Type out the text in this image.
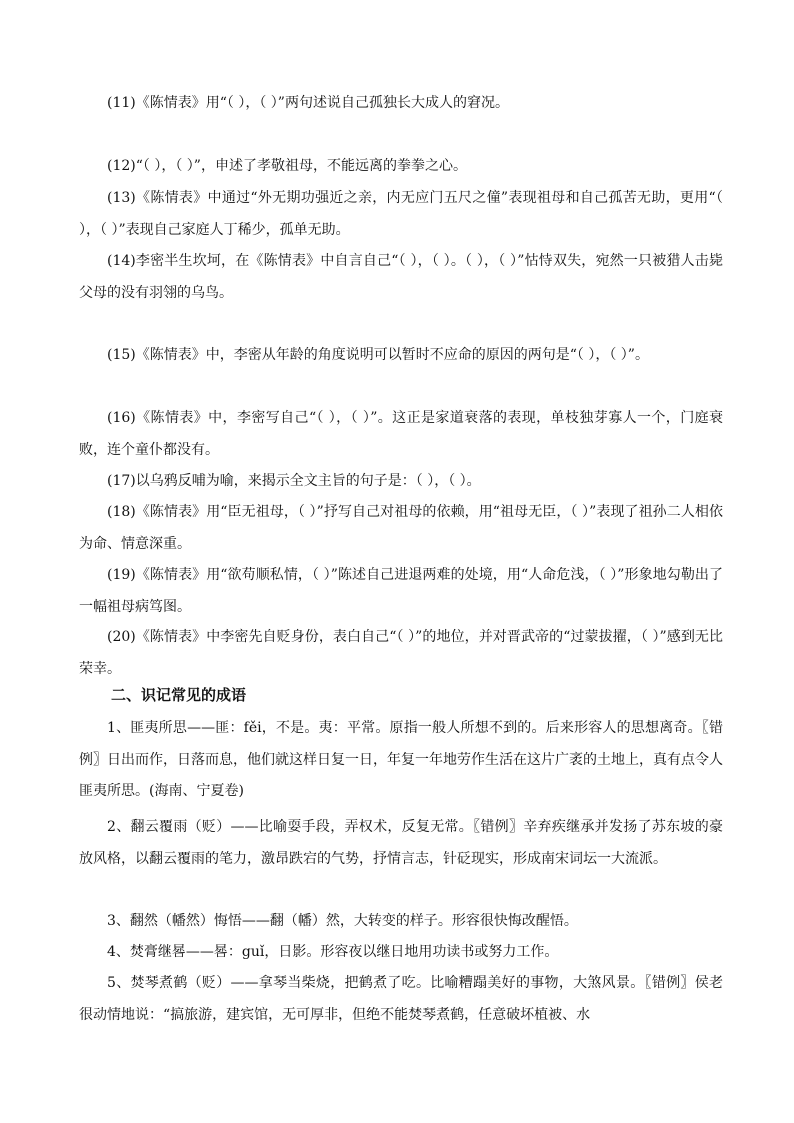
(11)《陈情表》用“（ ），（ ）”两句述说自己孤独长大成人的窘况。

(12)“（ ），（ ）”，申述了孝敬祖母，不能远离的拳拳之心。

(13)《陈情表》中通过“外无期功强近之亲，内无应门五尺之僮”表现祖母和自己孤苦无助，更用“（ ），（ ）”表现自己家庭人丁稀少，孤单无助。

(14)李密半生坎坷，在《陈情表》中自言自己“（ ），（ ）。（ ），（ ）”怙恃双失，宛然一只被猎人击毙父母的没有羽翎的乌鸟。

(15)《陈情表》中，李密从年龄的角度说明可以暂时不应命的原因的两句是“（ ），（ ）”。

(16)《陈情表》中，李密写自己“（ ），（ ）”。这正是家道衰落的表现，单枝独芽寡人一个，门庭衰败，连个童仆都没有。

(17)以乌鸦反哺为喻，来揭示全文主旨的句子是：（ ），（ ）。

(18)《陈情表》用“臣无祖母，（ ）”抒写自己对祖母的依赖，用“祖母无臣，（ ）”表现了祖孙二人相依为命、情意深重。

(19)《陈情表》用“欲苟顺私情，（ ）”陈述自己进退两难的处境，用“人命危浅，（ ）”形象地勾勒出了一幅祖母病笃图。

(20)《陈情表》中李密先自贬身份，表白自己“（ ）”的地位，并对晋武帝的“过蒙拔擢，（ ）”感到无比荣幸。

二、识记常见的成语

1、匪夷所思——匪：fěi，不是。夷：平常。原指一般人所想不到的。后来形容人的思想离奇。〖错例〗日出而作，日落而息，他们就这样日复一日，年复一年地劳作生活在这片广袤的土地上，真有点令人匪夷所思。(海南、宁夏卷)

2、翻云覆雨（贬）——比喻耍手段，弄权术，反复无常。〖错例〗辛弃疾继承并发扬了苏东坡的豪放风格，以翻云覆雨的笔力，激昂跌宕的气势，抒情言志，针砭现实，形成南宋词坛一大流派。

3、翻然（幡然）悔悟——翻（幡）然，大转变的样子。形容很快悔改醒悟。

4、焚膏继晷——晷：guǐ，日影。形容夜以继日地用功读书或努力工作。

5、焚琴煮鹤（贬）——拿琴当柴烧，把鹤煮了吃。比喻糟蹋美好的事物，大煞风景。〖错例〗侯老很动情地说：“搞旅游，建宾馆，无可厚非，但绝不能焚琴煮鹤，任意破坏植被、水
